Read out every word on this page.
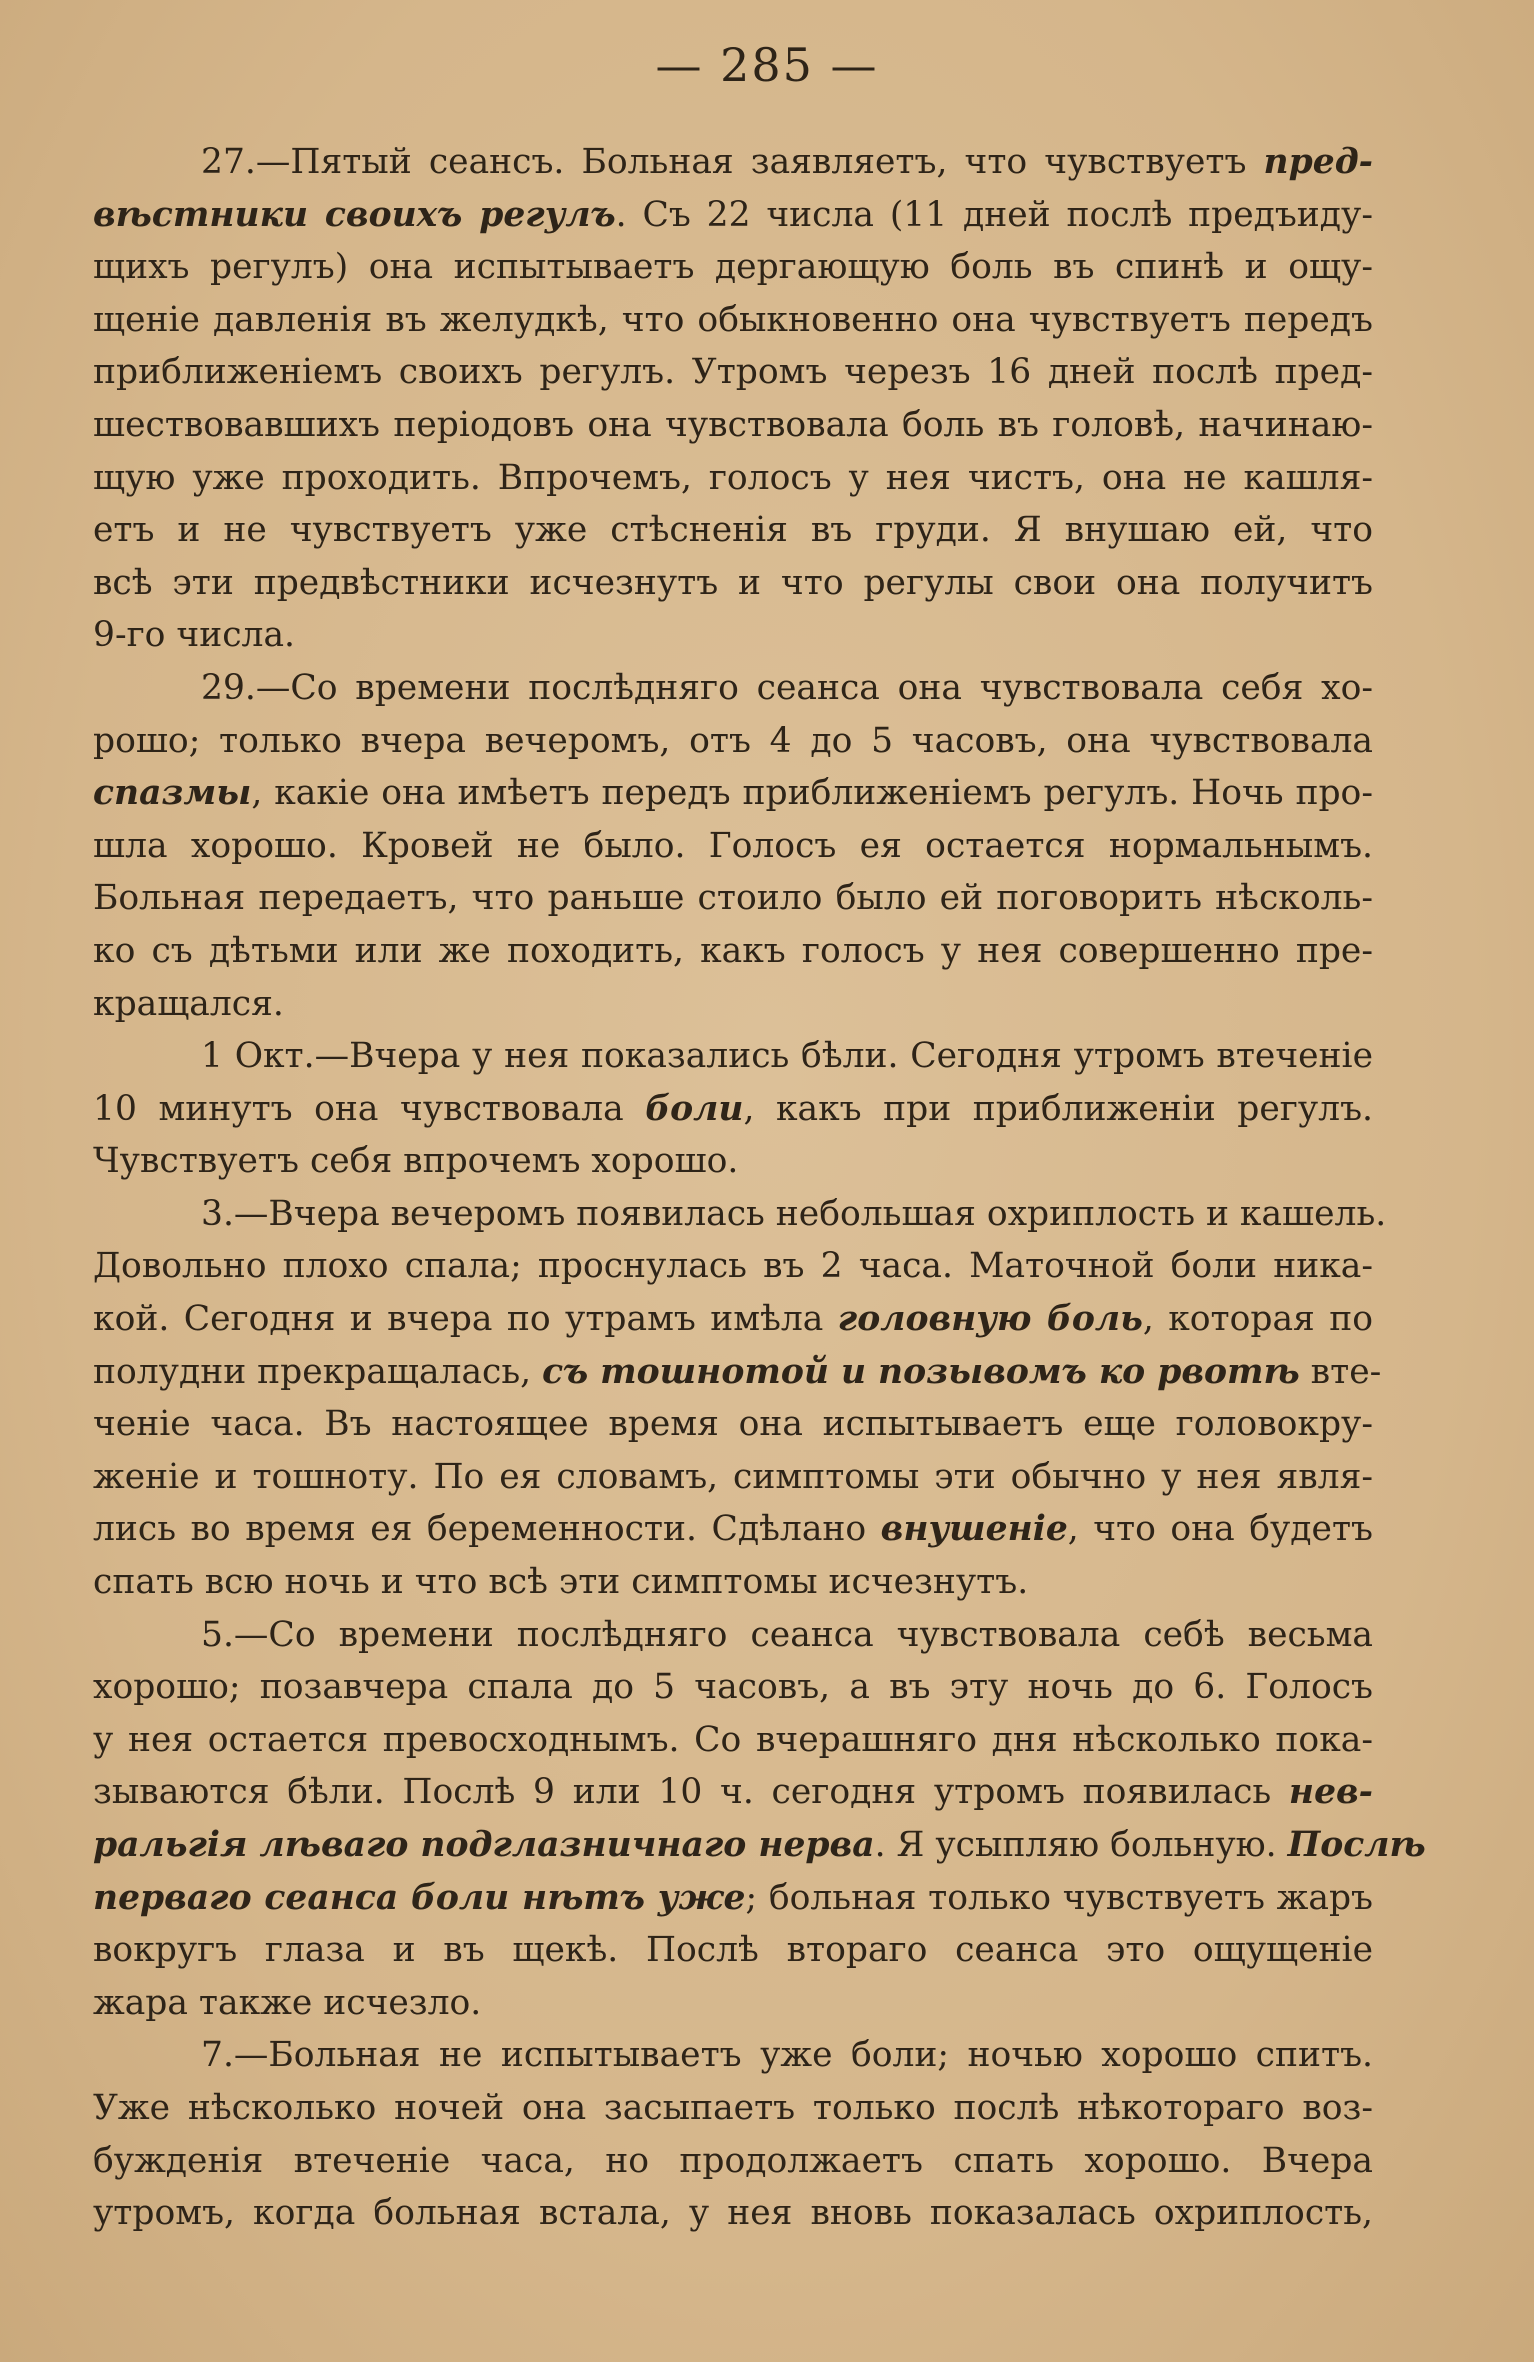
— 285 —
27.—Пятый сеансъ. Больная заявляетъ, что чувствуетъ пред-
вѣстники своихъ регулъ. Съ 22 числа (11 дней послѣ предъиду-
щихъ регулъ) она испытываетъ дергающую боль въ спинѣ и ощу-
щеніе давленія въ желудкѣ, что обыкновенно она чувствуетъ передъ
приближеніемъ своихъ регулъ. Утромъ черезъ 16 дней послѣ пред-
шествовавшихъ періодовъ она чувствовала боль въ головѣ, начинаю-
щую уже проходить. Впрочемъ, голосъ у нея чистъ, она не кашля-
етъ и не чувствуетъ уже стѣсненія въ груди. Я внушаю ей, что
всѣ эти предвѣстники исчезнутъ и что регулы свои она получитъ
9-го числа.
29.—Со времени послѣдняго сеанса она чувствовала себя хо-
рошо; только вчера вечеромъ, отъ 4 до 5 часовъ, она чувствовала
спазмы, какіе она имѣетъ передъ приближеніемъ регулъ. Ночь про-
шла хорошо. Кровей не было. Голосъ ея остается нормальнымъ.
Больная передаетъ, что раньше стоило было ей поговорить нѣсколь-
ко съ дѣтьми или же походить, какъ голосъ у нея совершенно пре-
кращался.
1 Окт.—Вчера у нея показались бѣли. Сегодня утромъ втеченіе
10 минутъ она чувствовала боли, какъ при приближеніи регулъ.
Чувствуетъ себя впрочемъ хорошо.
3.—Вчера вечеромъ появилась небольшая охриплость и кашель.
Довольно плохо спала; проснулась въ 2 часа. Маточной боли ника-
кой. Сегодня и вчера по утрамъ имѣла головную боль, которая по
полудни прекращалась, съ тошнотой и позывомъ ко рвотѣ вте-
ченіе часа. Въ настоящее время она испытываетъ еще головокру-
женіе и тошноту. По ея словамъ, симптомы эти обычно у нея явля-
лись во время ея беременности. Сдѣлано внушеніе, что она будетъ
спать всю ночь и что всѣ эти симптомы исчезнутъ.
5.—Со времени послѣдняго сеанса чувствовала себѣ весьма
хорошо; позавчера спала до 5 часовъ, а въ эту ночь до 6. Голосъ
у нея остается превосходнымъ. Со вчерашняго дня нѣсколько пока-
зываются бѣли. Послѣ 9 или 10 ч. сегодня утромъ появилась нев-
ральгія лѣваго подглазничнаго нерва. Я усыпляю больную. Послѣ
перваго сеанса боли нѣтъ уже; больная только чувствуетъ жаръ
вокругъ глаза и въ щекѣ. Послѣ втораго сеанса это ощущеніе
жара также исчезло.
7.—Больная не испытываетъ уже боли; ночью хорошо спитъ.
Уже нѣсколько ночей она засыпаетъ только послѣ нѣкотораго воз-
бужденія втеченіе часа, но продолжаетъ спать хорошо. Вчера
утромъ, когда больная встала, у нея вновь показалась охриплость,
